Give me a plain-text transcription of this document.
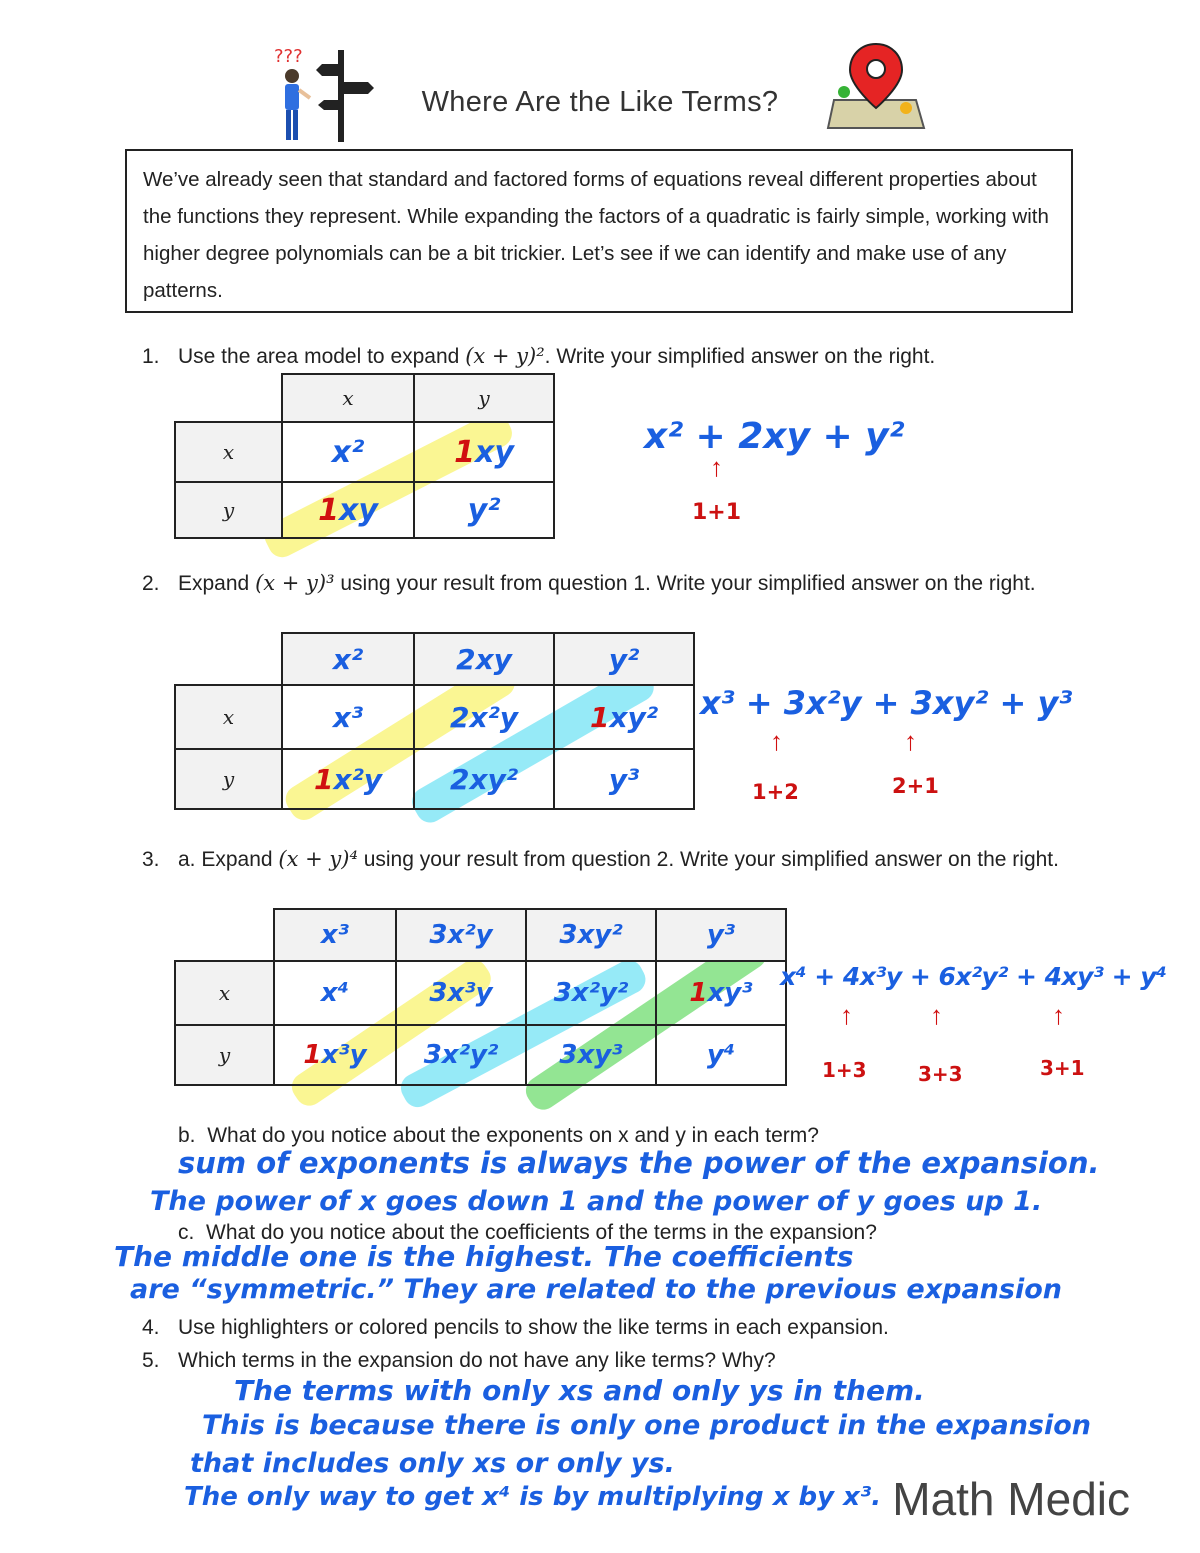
???
Where Are the Like Terms?
We’ve already seen that standard and factored forms of equations reveal different properties about the functions they represent. While expanding the factors of a quadratic is fairly simple, working with higher degree polynomials can be a bit trickier. Let’s see if we can identify and make use of any patterns.
1. Use the area model to expand (x + y)². Write your simplified answer on the right.
	x	y
x	x²	1xy
y	1xy	y²
x² + 2xy + y²
↑
1+1
2. Expand (x + y)³ using your result from question 1. Write your simplified answer on the right.
	x²	2xy	y²
x	x³	2x²y	1xy²
y	1x²y	2xy²	y³
x³ + 3x²y + 3xy² + y³
↑	↑
1+2	2+1
3. a. Expand (x + y)⁴ using your result from question 2. Write your simplified answer on the right.
	x³	3x²y	3xy²	y³
x	x⁴	3x³y	3x²y²	1xy³
y	1x³y	3x²y²	3xy³	y⁴
x⁴ + 4x³y + 6x²y² + 4xy³ + y⁴
↑	↑	↑
1+3	3+3	3+1
b. What do you notice about the exponents on x and y in each term?
sum of exponents is always the power of the expansion.
The power of x goes down 1 and the power of y goes up 1.
c. What do you notice about the coefficients of the terms in the expansion?
The middle one is the highest. The coefficients
are “symmetric.” They are related to the previous expansion
4. Use highlighters or colored pencils to show the like terms in each expansion.
5. Which terms in the expansion do not have any like terms? Why?
The terms with only xs and only ys in them.
This is because there is only one product in the expansion
that includes only xs or only ys.
The only way to get x⁴ is by multiplying x by x³. Math Medic
